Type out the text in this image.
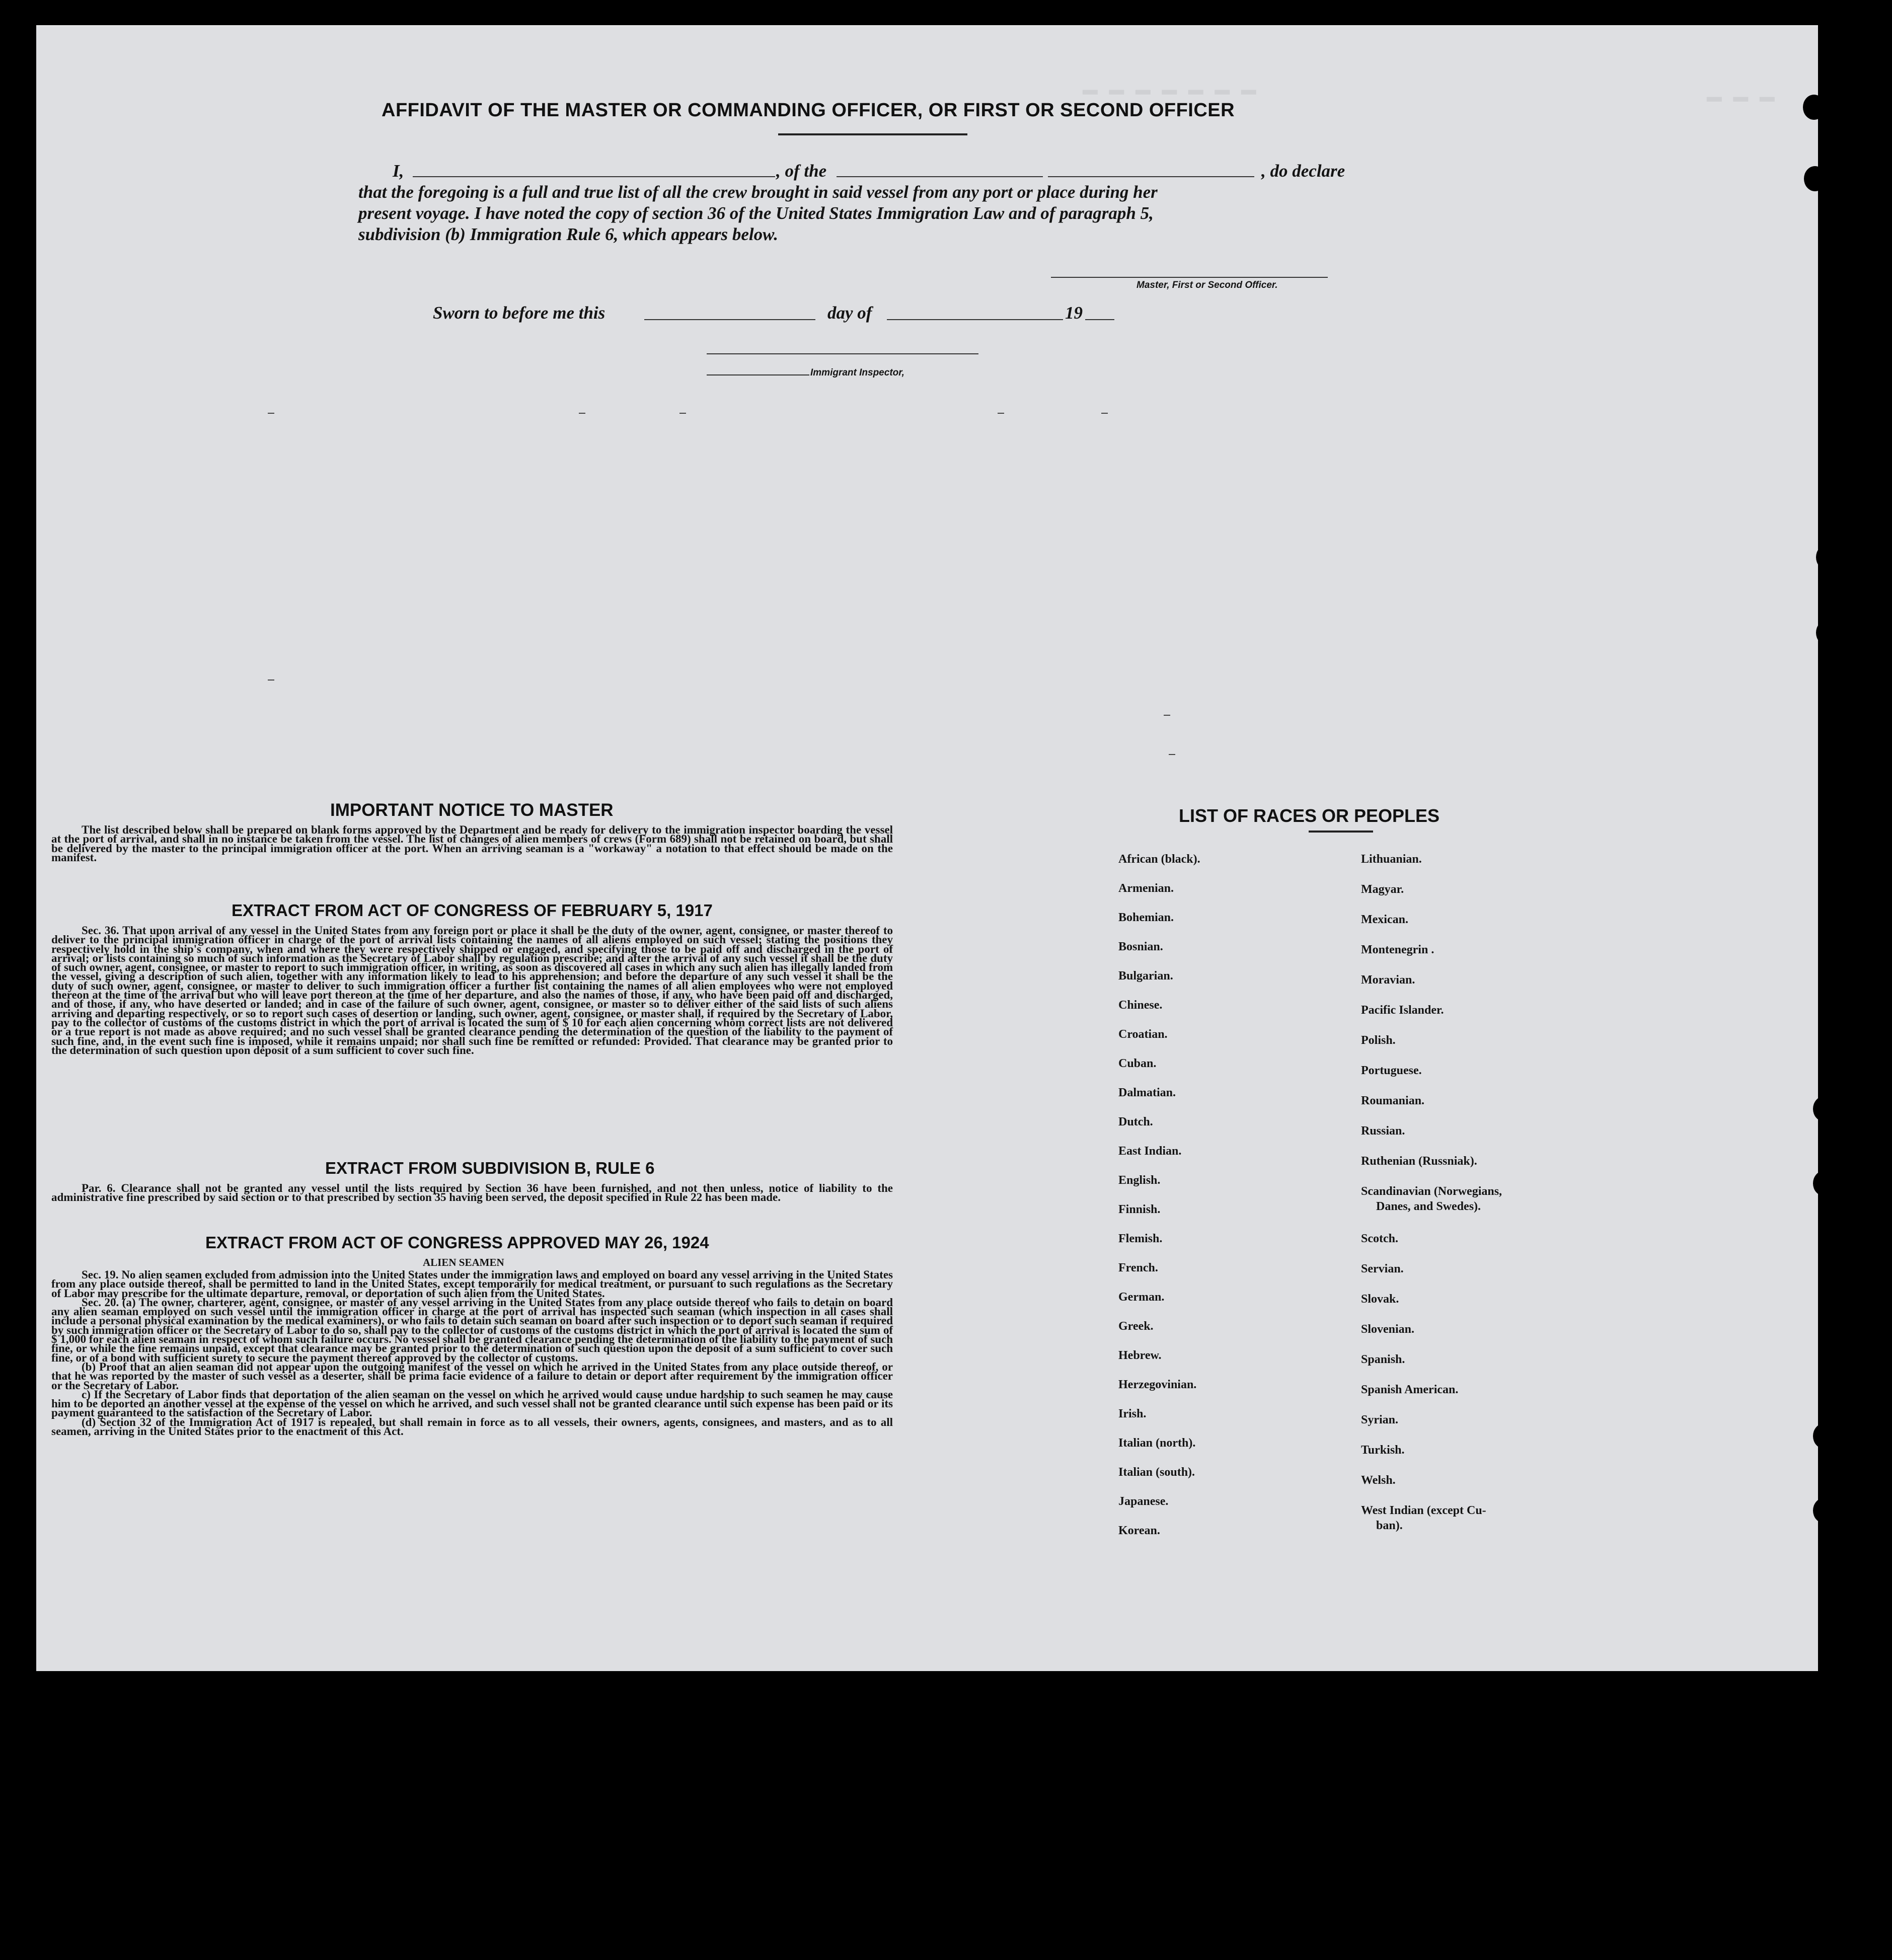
━ ━ ━ ━ ━ ━ ━	━ ━ ━
AFFIDAVIT OF THE MASTER OR COMMANDING OFFICER, OR FIRST OR SECOND OFFICER
I,	, of the	, do declare
that the foregoing is a full and true list of all the crew brought in said vessel from any port or place during her
present voyage. I have noted the copy of section 36 of the United States Immigration Law and of paragraph 5,
subdivision (b) Immigration Rule 6, which appears below.
Master, First or Second Officer.
Sworn to before me this	day of	19
Immigrant Inspector,
IMPORTANT NOTICE TO MASTER

The list described below shall be prepared on blank forms approved by the Department and be ready for delivery to the immigration inspector boarding the vessel at the port of arrival, and shall in no instance be taken from the vessel. The list of changes of alien members of crews (Form 689) shall not be retained on board, but shall be delivered by the master to the principal immigration officer at the port. When an arriving seaman is a "workaway" a notation to that effect should be made on the manifest.

EXTRACT FROM ACT OF CONGRESS OF FEBRUARY 5, 1917

Sec. 36. That upon arrival of any vessel in the United States from any foreign port or place it shall be the duty of the owner, agent, consignee, or master thereof to deliver to the principal immigration officer in charge of the port of arrival lists containing the names of all aliens employed on such vessel; stating the positions they respectively hold in the ship's company, when and where they were respectively shipped or engaged, and specifying those to be paid off and discharged in the port of arrival; or lists containing so much of such information as the Secretary of Labor shall by regulation prescribe; and after the arrival of any such vessel it shall be the duty of such owner, agent, consignee, or master to report to such immigration officer, in writing, as soon as discovered all cases in which any such alien has illegally landed from the vessel, giving a description of such alien, together with any information likely to lead to his apprehension; and before the departure of any such vessel it shall be the duty of such owner, agent, consignee, or master to deliver to such immigration officer a further list containing the names of all alien employees who were not employed thereon at the time of the arrival but who will leave port thereon at the time of her departure, and also the names of those, if any, who have been paid off and discharged, and of those, if any, who have deserted or landed; and in case of the failure of such owner, agent, consignee, or master so to deliver either of the said lists of such aliens arriving and departing respectively, or so to report such cases of desertion or landing, such owner, agent, consignee, or master shall, if required by the Secretary of Labor, pay to the collector of customs of the customs district in which the port of arrival is located the sum of $ 10 for each alien concerning whom correct lists are not delivered or a true report is not made as above required; and no such vessel shall be granted clearance pending the determination of the question of the liability to the payment of such fine, and, in the event such fine is imposed, while it remains unpaid; nor shall such fine be remitted or refunded: Provided. That clearance may be granted prior to the determination of such question upon deposit of a sum sufficient to cover such fine.

EXTRACT FROM SUBDIVISION B, RULE 6

Par. 6. Clearance shall not be granted any vessel until the lists required by Section 36 have been furnished, and not then unless, notice of liability to the administrative fine prescribed by said section or to that prescribed by section 35 having been served, the deposit specified in Rule 22 has been made.

EXTRACT FROM ACT OF CONGRESS APPROVED MAY 26, 1924
ALIEN SEAMEN

Sec. 19. No alien seamen excluded from admission into the United States under the immigration laws and employed on board any vessel arriving in the United States from any place outside thereof, shall be permitted to land in the United States, except temporarily for medical treatment, or pursuant to such regulations as the Secretary of Labor may prescribe for the ultimate departure, removal, or deportation of such alien from the United States.

Sec. 20. (a) The owner, charterer, agent, consignee, or master of any vessel arriving in the United States from any place outside thereof who fails to detain on board any alien seaman employed on such vessel until the immigration officer in charge at the port of arrival has inspected such seaman (which inspection in all cases shall include a personal physical examination by the medical examiners), or who fails to detain such seaman on board after such inspection or to deport such seaman if required by such immigration officer or the Secretary of Labor to do so, shall pay to the collector of customs of the customs district in which the port of arrival is located the sum of $ 1,000 for each alien seaman in respect of whom such failure occurs. No vessel shall be granted clearance pending the determination of the liability to the payment of such fine, or while the fine remains unpaid, except that clearance may be granted prior to the determination of such question upon the deposit of a sum sufficient to cover such fine, or of a bond with sufficient surety to secure the payment thereof approved by the collector of customs.

(b) Proof that an alien seaman did not appear upon the outgoing manifest of the vessel on which he arrived in the United States from any place outside thereof, or that he was reported by the master of such vessel as a deserter, shall be prima facie evidence of a failure to detain or deport after requirement by the immigration officer or the Secretary of Labor.

c) If the Secretary of Labor finds that deportation of the alien seaman on the vessel on which he arrived would cause undue hardship to such seamen he may cause him to be deported an another vessel at the expense of the vessel on which he arrived, and such vessel shall not be granted clearance until such expense has been paid or its payment guaranteed to the satisfaction of the Secretary of Labor.

(d) Section 32 of the Immigration Act of 1917 is repealed, but shall remain in force as to all vessels, their owners, agents, consignees, and masters, and as to all seamen, arriving in the United States prior to the enactment of this Act.

LIST OF RACES OR PEOPLES
African (black).
Armenian.
Bohemian.
Bosnian.
Bulgarian.
Chinese.
Croatian.
Cuban.
Dalmatian.
Dutch.
East Indian.
English.
Finnish.
Flemish.
French.
German.
Greek.
Hebrew.
Herzegovinian.
Irish.
Italian (north).
Italian (south).
Japanese.
Korean.
Lithuanian.
Magyar.
Mexican.
Montenegrin .
Moravian.
Pacific Islander.
Polish.
Portuguese.
Roumanian.
Russian.
Ruthenian (Russniak).
Scandinavian (Norwegians,
Danes, and Swedes).
Scotch.
Servian.
Slovak.
Slovenian.
Spanish.
Spanish American.
Syrian.
Turkish.
Welsh.
West Indian (except Cu-
ban).
